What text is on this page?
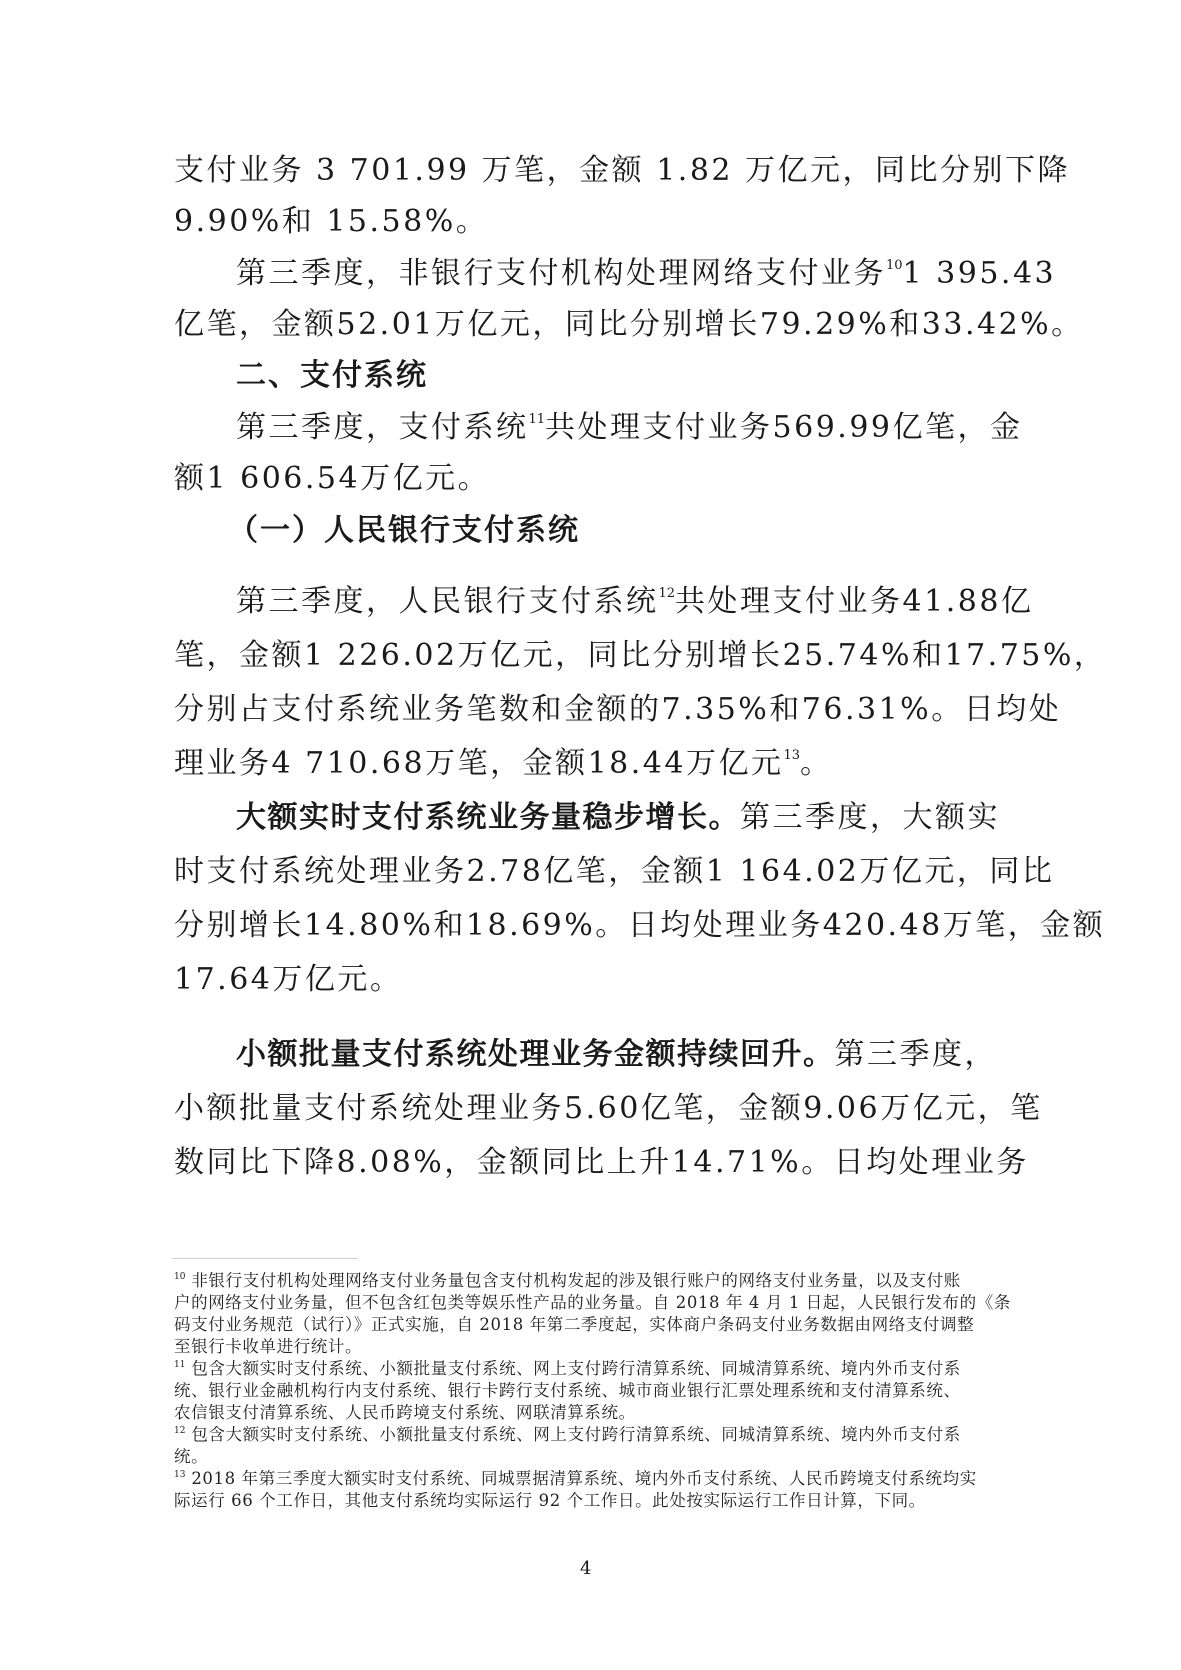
支付业务 3 701.99 万笔，金额 1.82 万亿元，同比分别下降
9.90%和 15.58%。
第三季度，非银行支付机构处理网络支付业务$^{10}$1 395.43
亿笔，金额52.01万亿元，同比分别增长79.29%和33.42%。
二、支付系统
第三季度，支付系统$^{11}$共处理支付业务569.99亿笔，金
额1 606.54万亿元。
（一）人民银行支付系统
第三季度，人民银行支付系统$^{12}$共处理支付业务41.88亿
笔，金额1 226.02万亿元，同比分别增长25.74%和17.75%，
分别占支付系统业务笔数和金额的7.35%和76.31%。日均处
理业务4 710.68万笔，金额18.44万亿元$^{13}$。
大额实时支付系统业务量稳步增长。第三季度，大额实
时支付系统处理业务2.78亿笔，金额1 164.02万亿元，同比
分别增长14.80%和18.69%。日均处理业务420.48万笔，金额
17.64万亿元。
小额批量支付系统处理业务金额持续回升。第三季度，
小额批量支付系统处理业务5.60亿笔，金额9.06万亿元，笔
数同比下降8.08%，金额同比上升14.71%。日均处理业务
$^{10}$ 非银行支付机构处理网络支付业务量包含支付机构发起的涉及银行账户的网络支付业务量，以及支付账
户的网络支付业务量，但不包含红包类等娱乐性产品的业务量。自 2018 年 4 月 1 日起，人民银行发布的《条
码支付业务规范（试行）》正式实施，自 2018 年第二季度起，实体商户条码支付业务数据由网络支付调整
至银行卡收单进行统计。
$^{11}$ 包含大额实时支付系统、小额批量支付系统、网上支付跨行清算系统、同城清算系统、境内外币支付系
统、银行业金融机构行内支付系统、银行卡跨行支付系统、城市商业银行汇票处理系统和支付清算系统、
农信银支付清算系统、人民币跨境支付系统、网联清算系统。
$^{12}$ 包含大额实时支付系统、小额批量支付系统、网上支付跨行清算系统、同城清算系统、境内外币支付系
统。
$^{13}$ 2018 年第三季度大额实时支付系统、同城票据清算系统、境内外币支付系统、人民币跨境支付系统均实
际运行 66 个工作日，其他支付系统均实际运行 92 个工作日。此处按实际运行工作日计算，下同。
4
